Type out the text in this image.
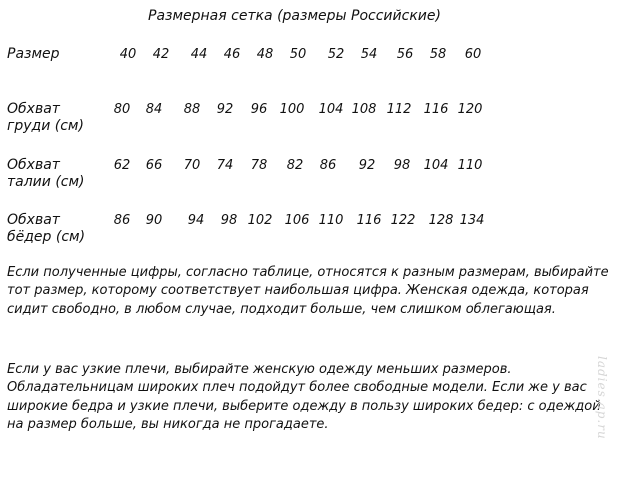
Размерная сетка (размеры Российские)
Размер	40 42 44 46 48 50 52 54 56 58 60
Обхват
груди (см)
80 84 88 92 96 100 104 108 112 116 120
Обхват
талии (см)
62 66 70 74 78 82 86 92 98 104 110
Обхват
бёдер (см)
86 90 94 98 102 106 110 116 122 128 134

Если полученные цифры, согласно таблице, относятся к разным размерам, выбирайте тот размер, которому соответствует наибольшая цифра. Женская одежда, которая сидит свободно, в любом случае, подходит больше, чем слишком облегающая.

Если у вас узкие плечи, выбирайте женскую одежду меньших размеров. Обладательницам широких плеч подойдут более свободные модели. Если же у вас широкие бедра и узкие плечи, выберите одежду в пользу широких бедер: с одеждой на размер больше, вы никогда не прогадаете.	ladies.ap.ru
